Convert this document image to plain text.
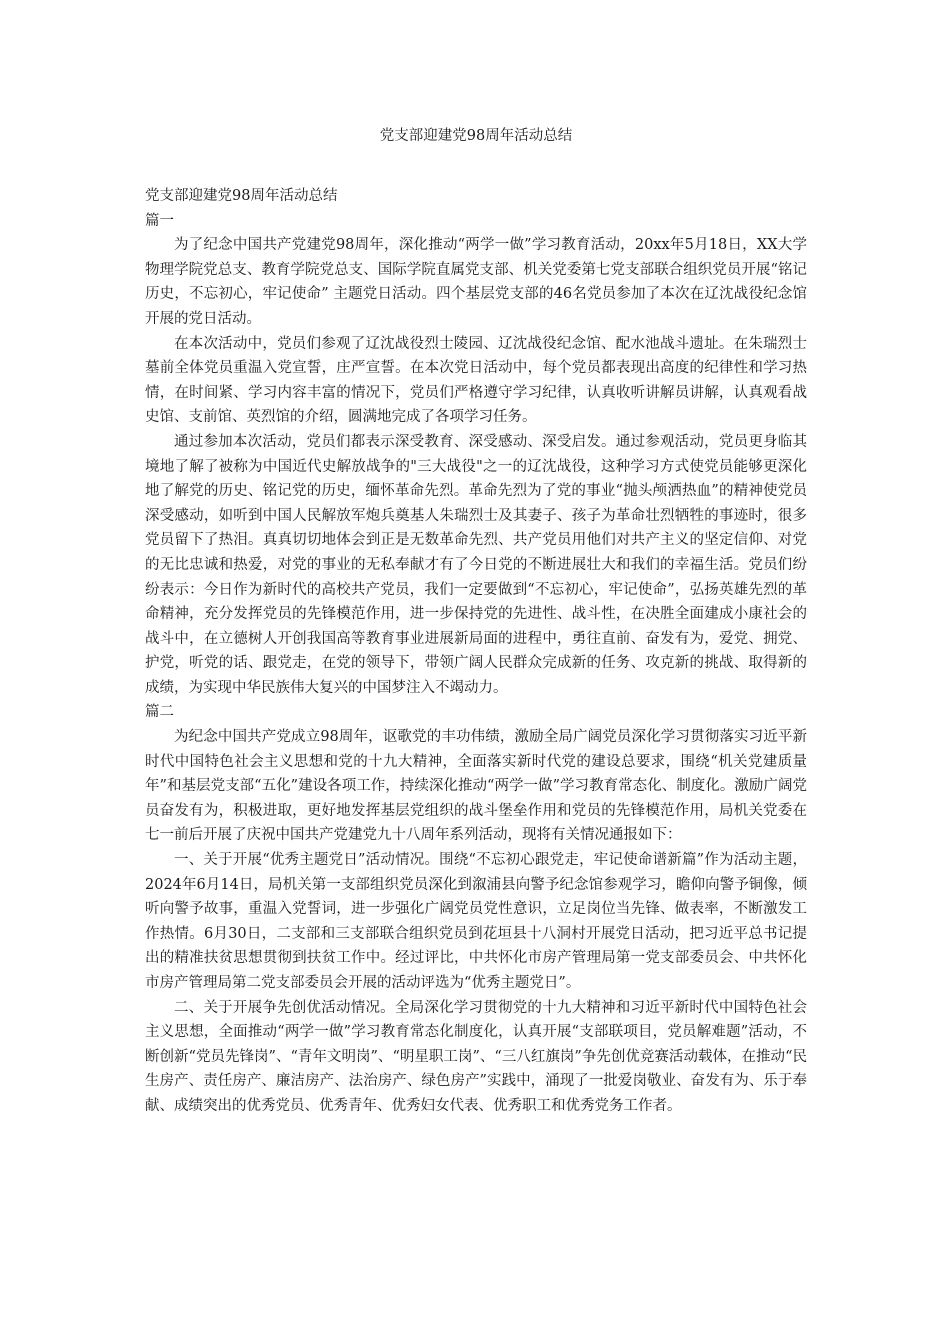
党支部迎建党98周年活动总结
党支部迎建党98周年活动总结
篇一

为了纪念中国共产党建党98周年，深化推动“两学一做”学习教育活动，20xx年5月18日，XX大学物理学院党总支、教育学院党总支、国际学院直属党支部、机关党委第七党支部联合组织党员开展“铭记历史，不忘初心，牢记使命” 主题党日活动。四个基层党支部的46名党员参加了本次在辽沈战役纪念馆开展的党日活动。

在本次活动中，党员们参观了辽沈战役烈士陵园、辽沈战役纪念馆、配水池战斗遗址。在朱瑞烈士墓前全体党员重温入党宣誓，庄严宣誓。在本次党日活动中，每个党员都表现出高度的纪律性和学习热情，在时间紧、学习内容丰富的情况下，党员们严格遵守学习纪律，认真收听讲解员讲解，认真观看战史馆、支前馆、英烈馆的介绍，圆满地完成了各项学习任务。

通过参加本次活动，党员们都表示深受教育、深受感动、深受启发。通过参观活动，党员更身临其境地了解了被称为中国近代史解放战争的"三大战役"之一的辽沈战役，这种学习方式使党员能够更深化地了解党的历史、铭记党的历史，缅怀革命先烈。革命先烈为了党的事业“抛头颅洒热血”的精神使党员深受感动，如听到中国人民解放军炮兵奠基人朱瑞烈士及其妻子、孩子为革命壮烈牺牲的事迹时，很多党员留下了热泪。真真切切地体会到正是无数革命先烈、共产党员用他们对共产主义的坚定信仰、对党的无比忠诚和热爱，对党的事业的无私奉献才有了今日党的不断进展壮大和我们的幸福生活。党员们纷纷表示：今日作为新时代的高校共产党员，我们一定要做到“不忘初心，牢记使命”，弘扬英雄先烈的革命精神，充分发挥党员的先锋模范作用，进一步保持党的先进性、战斗性，在决胜全面建成小康社会的战斗中，在立德树人开创我国高等教育事业进展新局面的进程中，勇往直前、奋发有为，爱党、拥党、护党，听党的话、跟党走，在党的领导下，带领广阔人民群众完成新的任务、攻克新的挑战、取得新的成绩，为实现中华民族伟大复兴的中国梦注入不竭动力。

篇二

为纪念中国共产党成立98周年，讴歌党的丰功伟绩，激励全局广阔党员深化学习贯彻落实习近平新时代中国特色社会主义思想和党的十九大精神，全面落实新时代党的建设总要求，围绕“机关党建质量年”和基层党支部“五化”建设各项工作，持续深化推动“两学一做”学习教育常态化、制度化。激励广阔党员奋发有为，积极进取，更好地发挥基层党组织的战斗堡垒作用和党员的先锋模范作用，局机关党委在七一前后开展了庆祝中国共产党建党九十八周年系列活动，现将有关情况通报如下：

一、关于开展“优秀主题党日”活动情况。围绕“不忘初心跟党走，牢记使命谱新篇”作为活动主题，2024年6月14日，局机关第一支部组织党员深化到溆浦县向警予纪念馆参观学习，瞻仰向警予铜像，倾听向警予故事，重温入党誓词，进一步强化广阔党员党性意识，立足岗位当先锋、做表率，不断激发工作热情。6月30日，二支部和三支部联合组织党员到花垣县十八洞村开展党日活动，把习近平总书记提出的精准扶贫思想贯彻到扶贫工作中。经过评比，中共怀化市房产管理局第一党支部委员会、中共怀化市房产管理局第二党支部委员会开展的活动评选为“优秀主题党日”。

二、关于开展争先创优活动情况。全局深化学习贯彻党的十九大精神和习近平新时代中国特色社会主义思想，全面推动“两学一做”学习教育常态化制度化，认真开展“支部联项目，党员解难题”活动，不断创新“党员先锋岗”、“青年文明岗”、“明星职工岗”、“三八红旗岗”争先创优竞赛活动载体，在推动“民生房产、责任房产、廉洁房产、法治房产、绿色房产”实践中，涌现了一批爱岗敬业、奋发有为、乐于奉献、成绩突出的优秀党员、优秀青年、优秀妇女代表、优秀职工和优秀党务工作者。
